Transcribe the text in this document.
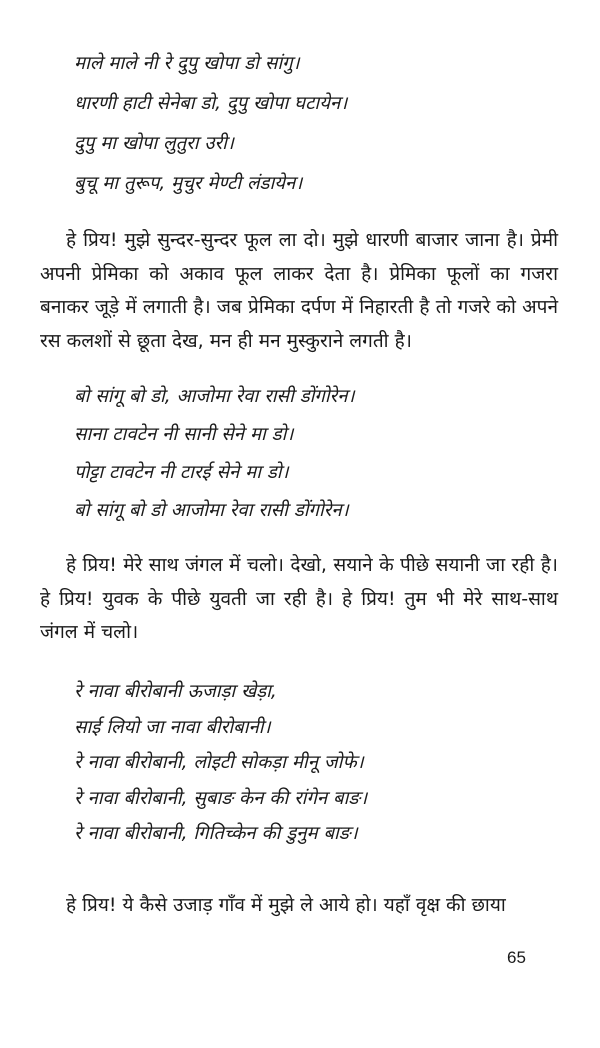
माले माले नी रे दुपु खोपा डो सांगु।
धारणी हाटी सेनेबा डो, दुपु खोपा घटायेन।
दुपु मा खोपा लुतुरा उरी।
बुचू मा तुरूप, मुचुर मेण्टी लंडायेन।
हे प्रिय! मुझे सुन्दर-सुन्दर फूल ला दो। मुझे धारणी बाजार जाना है। प्रेमी अपनी प्रेमिका को अकाव फूल लाकर देता है। प्रेमिका फूलों का गजरा बनाकर जूड़े में लगाती है। जब प्रेमिका दर्पण में निहारती है तो गजरे को अपने रस कलशों से छूता देख, मन ही मन मुस्कुराने लगती है।
बो सांगू बो डो, आजोमा रेवा रासी डोंगोरेन।
साना टावटेन नी सानी सेने मा डो।
पोट्टा टावटेन नी टारई सेने मा डो।
बो सांगू बो डो आजोमा रेवा रासी डोंगोरेन।
हे प्रिय! मेरे साथ जंगल में चलो। देखो, सयाने के पीछे सयानी जा रही है। हे प्रिय! युवक के पीछे युवती जा रही है। हे प्रिय! तुम भी मेरे साथ-साथ जंगल में चलो।
रे नावा बीरोबानी ऊजाड़ा खेड़ा,
साई लियो जा नावा बीरोबानी।
रे नावा बीरोबानी, लोइटी सोकड़ा मीनू जोफे।
रे नावा बीरोबानी, सुबाङ केन की रांगेन बाङ।
रे नावा बीरोबानी, गितिच्केन की डुनुम बाङ।
हे प्रिय! ये कैसे उजाड़ गाँव में मुझे ले आये हो। यहाँ वृक्ष की छाया
65
